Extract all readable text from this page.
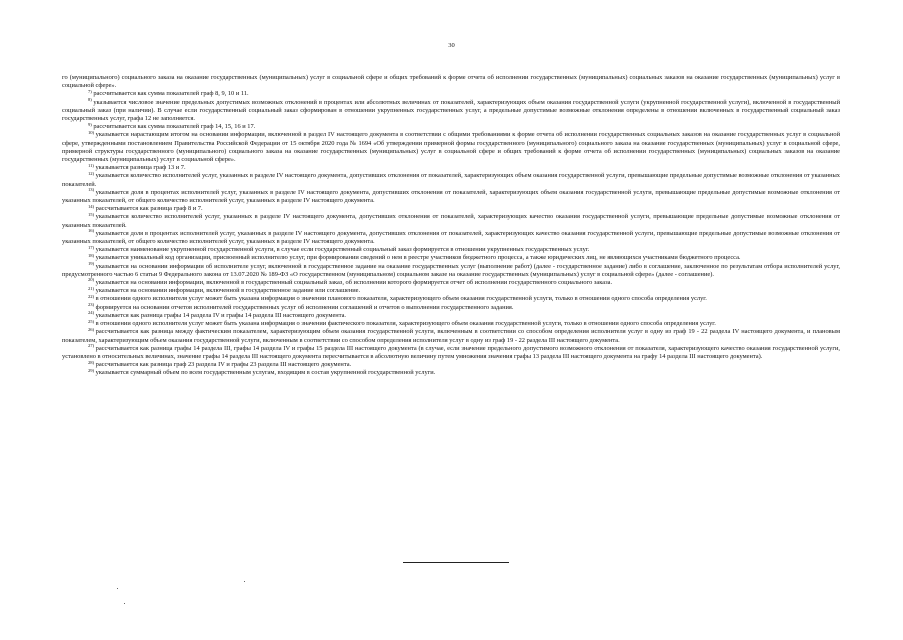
30

го (муниципального) социального заказа на оказание государственных (муниципальных) услуг в социальной сфере и общих требований к форме отчета об исполнении государственных (муниципальных) социальных заказов на оказание государственных (муниципальных) услуг в социальной сфере».

$^{7)}$ рассчитывается как сумма показателей граф 8, 9, 10 и 11.

$^{8)}$ указывается числовое значение предельных допустимых возможных отклонений в процентах или абсолютных величинах от показателей, характеризующих объем оказания государственной услуги (укрупненной государственной услуги), включенной в государственный социальный заказ (при наличии). В случае если государственный социальный заказ сформирован в отношении укрупненных государственных услуг, а предельные допустимые возможные отклонения определены в отношении включенных в государственный социальный заказ государственных услуг, графа 12 не заполняется.

$^{9)}$ рассчитывается как сумма показателей граф 14, 15, 16 и 17.

$^{10)}$ указывается нарастающим итогом на основании информации, включенной в раздел IV настоящего документа в соответствии с общими требованиями к форме отчета об исполнении государственных социальных заказов на оказание государственных услуг в социальной сфере, утвержденными постановлением Правительства Российской Федерации от 15 октября 2020 года № 1694 «Об утверждении примерной формы государственного (муниципального) социального заказа на оказание государственных (муниципальных) услуг в социальной сфере, примерной структуры государственного (муниципального) социального заказа на оказание государственных (муниципальных) услуг в социальной сфере и общих требований к форме отчета об исполнении государственных (муниципальных) социальных заказов на оказание государственных (муниципальных) услуг в социальной сфере».

$^{11)}$ указывается разница граф 13 и 7.

$^{12)}$ указывается количество исполнителей услуг, указанных в разделе IV настоящего документа, допустивших отклонения от показателей, характеризующих объем оказания государственной услуги, превышающие предельные допустимые возможные отклонения от указанных показателей.

$^{13)}$ указывается доля в процентах исполнителей услуг, указанных в разделе IV настоящего документа, допустивших отклонения от показателей, характеризующих объем оказания государственной услуги, превышающие предельные допустимые возможные отклонения от указанных показателей, от общего количество исполнителей услуг, указанных в разделе IV настоящего документа.

$^{14)}$ рассчитывается как разница граф 8 и 7.

$^{15)}$ указывается количество исполнителей услуг, указанных в разделе IV настоящего документа, допустивших отклонения от показателей, характеризующих качество оказания государственной услуги, превышающие предельные допустимые возможные отклонения от указанных показателей.

$^{16)}$ указывается доля в процентах исполнителей услуг, указанных в разделе IV настоящего документа, допустивших отклонения от показателей, характеризующих качество оказания государственной услуги, превышающие предельные допустимые возможные отклонения от указанных показателей, от общего количество исполнителей услуг, указанных в разделе IV настоящего документа.

$^{17)}$ указывается наименование укрупненной государственной услуги, в случае если государственный социальный заказ формируется в отношении укрупненных государственных услуг.

$^{18)}$ указывается уникальный код организации, присвоенный исполнителю услуг, при формировании сведений о нем в реестре участников бюджетного процесса, а также юридических лиц, не являющихся участниками бюджетного процесса.

$^{19)}$ указывается на основании информации об исполнителе услуг, включенной в государственное задание на оказание государственных услуг (выполнение работ) (далее - государственное задание) либо в соглашение, заключенное по результатам отбора исполнителей услуг, предусмотренного частью 6 статьи 9 Федерального закона от 13.07.2020 № 189-ФЗ «О государственном (муниципальном) социальном заказе на оказание государственных (муниципальных) услуг в социальной сфере» (далее - соглашение).

$^{20)}$ указывается на основании информации, включенной в государственный социальный заказ, об исполнении которого формируется отчет об исполнении государственного социального заказа.

$^{21)}$ указывается на основании информации, включенной в государственное задание или соглашение.

$^{22)}$ в отношении одного исполнителя услуг может быть указана информация о значении планового показателя, характеризующего объем оказания государственной услуги, только в отношении одного способа определения услуг.

$^{23)}$ формируется на основании отчетов исполнителей государственных услуг об исполнении соглашений и отчетов о выполнении государственного задания.

$^{24)}$ указывается как разница графы 14 раздела IV и графы 14 раздела III настоящего документа.

$^{25)}$ в отношении одного исполнителя услуг может быть указана информация о значении фактического показателя, характеризующего объем оказания государственной услуги, только в отношении одного способа определения услуг.

$^{26)}$ рассчитывается как разница между фактическим показателем, характеризующим объем оказания государственной услуги, включенным в соответствии со способом определения исполнителя услуг в одну из граф 19 - 22 раздела IV настоящего документа, и плановым показателем, характеризующим объем оказания государственной услуги, включенным в соответствии со способом определения исполнителя услуг в одну из граф 19 - 22 раздела III настоящего документа.

$^{27)}$ рассчитывается как разница графы 14 раздела III, графы 14 раздела IV и графы 15 раздела III настоящего документа (в случае, если значение предельного допустимого возможного отклонения от показателя, характеризующего качество оказания государственной услуги, установлено в относительных величинах, значение графы 14 раздела III настоящего документа пересчитывается в абсолютную величину путем умножения значения графы 13 раздела III настоящего документа на графу 14 раздела III настоящего документа).

$^{28)}$ рассчитывается как разница граф 23 раздела IV и графы 23 раздела III настоящего документа.

$^{29)}$ указывается суммарный объем по всем государственным услугам, входящим в состав укрупненной государственной услуги.
